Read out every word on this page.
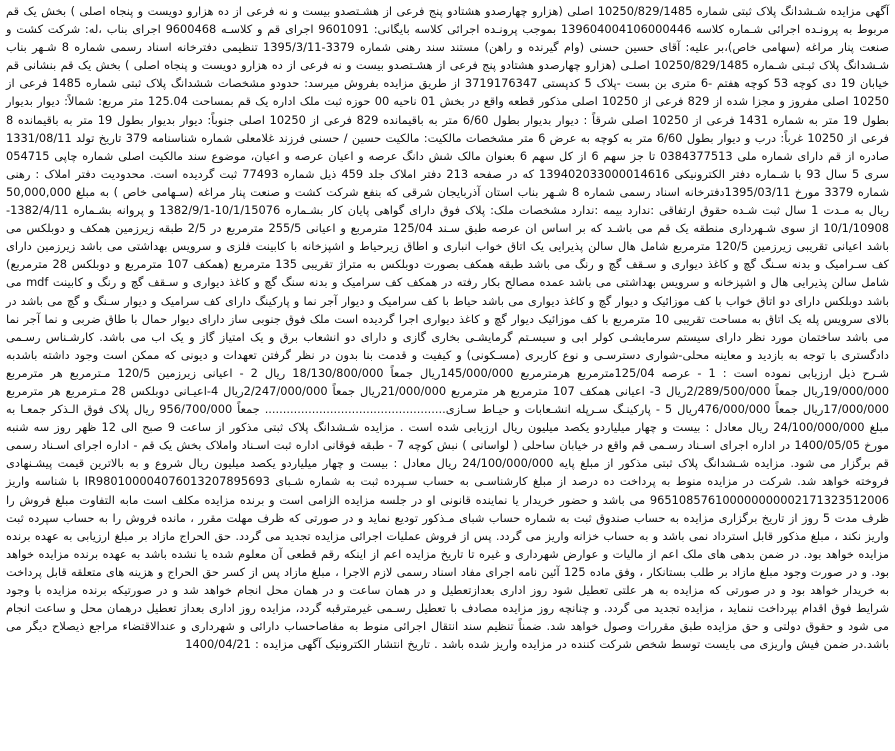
آگهی مزایده شـشدانگ پلاک ثبتی شماره 10250/829/1485 اصلی (هزارو چهارصدو هشتادو پنج فرعی از هشـتصدو بیست و نه فرعی از ده هزارو دویست و پنجاه اصلی ) بخش یک قم مربوط به پرونـده اجرائی شـماره کلاسه 139604004106000446 بموجب پرونـده اجرائی کلاسه بایگانی: 9601091 اجرای قم و کلاسـه 9600468 اجرای بناب ،له: شرکت کشت و صنعت پنار مراغه (سهامی خاص)،بر علیه: آقای حسین حسنی (وام گیرنده و راهن) مستند سند رهنی شماره 3379-1395/3/11 تنظیمی دفترخانه اسناد رسمی شماره 8 شـهر بناب شـشدانگ پلاک ثبـتی شـماره 10250/829/1485 اصلـی (هزارو چهارصدو هشتادو پنج فرعی از هشـتصدو بیست و نه فرعی از ده هزارو دویست و پنجاه اصلی ) بخش یک قم بنشانی قم خیابان 19 دی کوچه 53 کوچه هفتم -6 متری بن بست -پلاک 5 کدپستی 3719176347 از طریق مزایده بفروش میرسد: حدودو مشخصات ششدانگ پلاک ثبتی شماره 1485 فرعی از 10250 اصلی مفروز و مجزا شده از 829 فرعی از 10250 اصلی مذکور قطعه واقع در بخش 01 ناحیه 00 حوزه ثبت ملک اداره یک قم بمساحت 125.04 متر مربع: شمالاً: دیوار بدیوار بطول 19 متر به شماره 1431 فرعی از 10250 اصلی شرقاً : دیوار بدیوار بطول 6/60 متر به باقیمانده 829 فرعی از 10250 اصلی جنوباً: دیوار بدیوار بطول 19 متر به باقیمانده 8 فرعی از 10250 غرباً: درب و دیوار بطول 6/60 متر به کوچه به عرض 6 متر مشخصات مالکیت: مالکیت حسین / حسنی فرزند غلامعلی شماره شناسنامه 379 تاریخ تولد 1331/08/11 صادره از قم دارای شماره ملی 0384377513 تا جز سهم 6 از کل سهم 6 بعنوان مالک شش دانگ عرصه و اعیان عرصه و اعیان، موضوع سند مالکیت اصلی شماره چاپی 054715 سری 5 سال 93 با شـماره دفتر الکترونیکی 139402033000014616 که در صفحه 213 دفتر املاک جلد 459 ذیل شماره 77493 ثبت گردیده است. محدودیت دفتر املاک : رهنی شماره 3379 مورخ 1395/03/11دفترخانه اسناد رسمی شماره 8 شـهر بناب استان آذربایجان شرقی که بنفع شرکت کشت و صنعت پنار مراغه (سـهامی خاص ) به مبلغ 50,000,000 ریال به مـدت 1 سال ثبت شـده حقوق ارتفاقی :ندارد بیمه :ندارد مشخصات ملک: پلاک فوق دارای گواهی پایان کار بشـماره 10/1/15076-1382/9/1 و پروانه بشـماره 1382/4/11-10/1/10908 از سوی شـهرداری منطقه یک قم می باشـد که بر اساس ان عرصه طبق سـند 125/04 مترمربع و اعیانی 255/5 مترمربع در 2/5 طبقه زیرزمین همکف و دوبلکس می باشد اعیانی تقریبی زیرزمین 120/5 مترمربع شامل هال سالن پذیرایی یک اتاق خواب انباری و اطاق زیرحیاط و اشپزخانه با کابینت فلزی و سرویس بهداشتی می باشد زیرزمین دارای کف سـرامیک و بدنه سـنگ گچ و کاغذ دیواری و سـقف گچ و رنگ می باشد طبقه همکف بصورت دوبلکس به متراژ تقریبی 135 مترمربع (همکف 107 مترمربع و دوبلکس 28 مترمربع) شامل سالن پذیرایی هال و اشپزخانه و سرویس بهداشتی می باشد عمده مصالح بکار رفته در همکف کف سرامیک و بدنه سنگ گچ و کاغذ دیواری و سـقف گچ و رنگ و کابینت mdf می باشد دوبلکس دارای دو اتاق خواب با کف موزائیک و دیوار گچ و کاغذ دیواری می باشد حیاط با کف سرامیک و دیوار آجر نما و پارکینگ دارای کف سرامیک و دیوار سـنگ و گچ می باشد در بالای سرویس پله یک اتاق به مساحت تقریبی 10 مترمربع با کف موزائیک دیوار گچ و کاغذ دیواری اجرا گردیده است ملک فوق جنوبی ساز دارای دیوار حمال با طاق ضربی و نما آجر نما می باشد ساختمان مورد نظر دارای سیستم سرمایشـی کولر ابی و سیسـتم گرمایشـی بخاری گازی و دارای دو انشعاب برق و یک امتیاز گاز و یک اب می باشد. کارشـناس رسـمی دادگستری با توجه به بازدید و معاینه محلی-شواری دسترسـی و نوع کاربری (مسـکونی) و کیفیت و قدمت بنا بدون در نظر گرفتن تعهدات و دیونی که ممکن است وجود داشته باشدبه شـرح ذیل ارزیابی نموده است : 1 - عرصه 125/04مترمربع هرمترمربع 145/000/000ریال جمعاً 18/130/800/000 ریال 2 - اعیانی زیرزمین 120/5 مـترمربع هر مترمربع 19/000/000ریال جمعاً 2/289/500/000ریال 3- اعیانی همکف 107 مترمربع هر مترمربع 21/000/000ریال جمعاً 2/247/000/000ریال 4-اعیـانی دوبلکس 28 مـترمربع هر مترمربع 17/000/000ریال جمعاً 476/000/000ریال 5 - پارکینـگ سـرپله انشـعابات و حیـاط سـازی.................................................. جمعاً 956/700/000 ریال پلاک فوق الـذکر جمعـا به مبلغ 24/100/000/000 ریال معادل : بیست و چهار میلیاردو یکصد میلیون ریال ارزیابی شده است . مزایده شـشدانگ پلاک ثبتی مذکور از ساعت 9 صبح الی 12 ظهر روز سه شنبه مورخ 1400/05/05 در اداره اجرای اسـناد رسـمی قم واقع در خیابان ساحلی ( لواسانی ) نبش کوچه 7 - طبقه فوقانی اداره ثبت اسـناد واملاک بخش یک قم - اداره اجرای اسـناد رسمی قم برگزار می شود. مزایده شـشدانگ پلاک ثبتی مذکور از مبلغ پایه 24/100/000/000 ریال معادل : بیست و چهار میلیاردو یکصد میلیون ریال شروع و به بالاترین قیمت پیشـنهادی فروخته خواهد شد. شرکت در مزایده منوط به پرداخت ده درصد از مبلغ کارشناسـی به حساب سـپرده ثبت به شماره شـبای IR980100004076013207895693 با شناسه واریز 965108576100000000002171323512006 می باشد و حضور خریدار یا نماینده قانونی او در جلسه مزایده الزامی است و برنده مزایده مکلف است مابه التفاوت مبلغ فروش را ظرف مدت 5 روز از تاریخ برگزاری مزایده به حساب صندوق ثبت به شماره حساب شبای مـذکور تودیع نماید و در صورتی که ظرف مهلت مقرر ، مانده فروش را به حساب سپرده ثبت واریز نکند ، مبلغ مذکور قابل استرداد نمی باشد و به حساب خزانه واریز می گردد. پس از فروش عملیات اجرائی مزایده تجدید می گردد. حق الحراج مازاد بر مبلغ ارزیابی به عهده برنده مزایده خواهد بود. در ضمن بدهی های ملک اعم از مالیات و عوارض شهرداری و غیره تا تاریخ مزایده اعم از اینکه رقم قطعی آن معلوم شده یا نشده باشد به عهده برنده مزایده خواهد بود. و در صورت وجود مبلغ مازاد بر طلب بستانکار ، وفق ماده 125 آئین نامه اجرای مفاد اسناد رسمی لازم الاجرا ، مبلغ مازاد پس از کسر حق الحراج و هزینه های متعلقه قابل پرداخت به خریدار خواهد بود و در صورتی که مزایده به هر علتی تعطیل شود روز اداری بعدازتعطیل و در همان ساعت و در همان محل انجام خواهد شد و در صورتیکه برنده مزایده با وجود شرایط فوق اقدام بپرداخت ننماید ، مزایده تجدید می گردد. و چنانچه روز مزایده مصادف با تعطیل رسـمی غیرمترقبه گردد، مزایده روز اداری بعداز تعطیل درهمان محل و ساعت انجام می شود و حقوق دولتی و حق مزایده طبق مقررات وصول خواهد شد. ضمناً تنظیم سند انتقال اجرائی منوط به مفاصاحساب دارائی و شهرداری و عندالاقتضاء مراجع ذیصلاح دیگر می باشد.در ضمن فیش واریزی می بایست توسط شخص شرکت کننده در مزایده واریز شده باشد . تاریخ انتشار الکترونیک آگهی مزایده : 1400/04/21
